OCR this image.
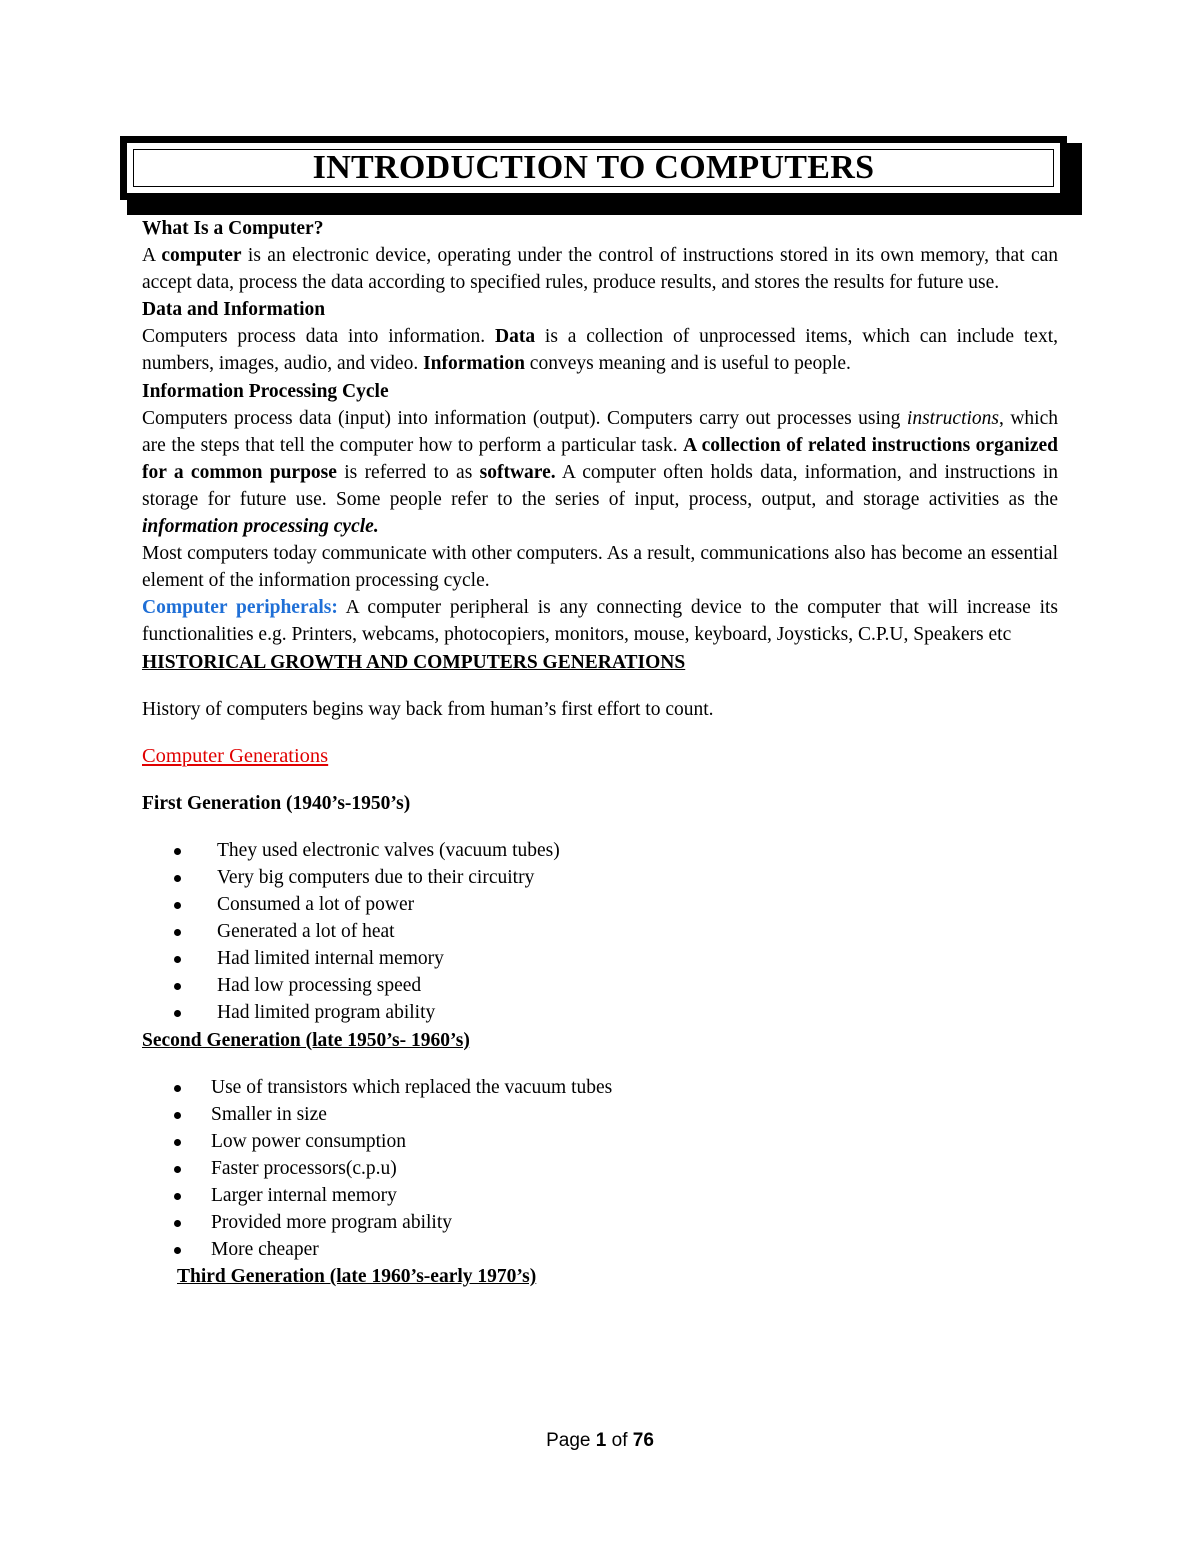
INTRODUCTION TO COMPUTERS

What Is a Computer?

A computer is an electronic device, operating under the control of instructions stored in its own memory, that can accept data, process the data according to specified rules, produce results, and stores the results for future use.

Data and Information

Computers process data into information. Data is a collection of unprocessed items, which can include text, numbers, images, audio, and video. Information conveys meaning and is useful to people.

Information Processing Cycle

Computers process data (input) into information (output). Computers carry out processes using instructions, which are the steps that tell the computer how to perform a particular task. A collection of related instructions organized for a common purpose is referred to as software. A computer often holds data, information, and instructions in storage for future use. Some people refer to the series of input, process, output, and storage activities as the information processing cycle.

Most computers today communicate with other computers. As a result, communications also has become an essential element of the information processing cycle.

Computer peripherals: A computer peripheral is any connecting device to the computer that will increase its functionalities e.g. Printers, webcams, photocopiers, monitors, mouse, keyboard, Joysticks, C.P.U, Speakers etc

HISTORICAL GROWTH AND COMPUTERS GENERATIONS

History of computers begins way back from human’s first effort to count.

Computer Generations

First Generation (1940’s-1950’s)

They used electronic valves (vacuum tubes)
Very big computers due to their circuitry
Consumed a lot of power
Generated a lot of heat
Had limited internal memory
Had low processing speed
Had limited program ability

Second Generation (late 1950’s- 1960’s)

Use of transistors which replaced the vacuum tubes
Smaller in size
Low power consumption
Faster processors(c.p.u)
Larger internal memory
Provided more program ability
More cheaper

Third Generation (late 1960’s-early 1970’s)

Page 1 of 76
